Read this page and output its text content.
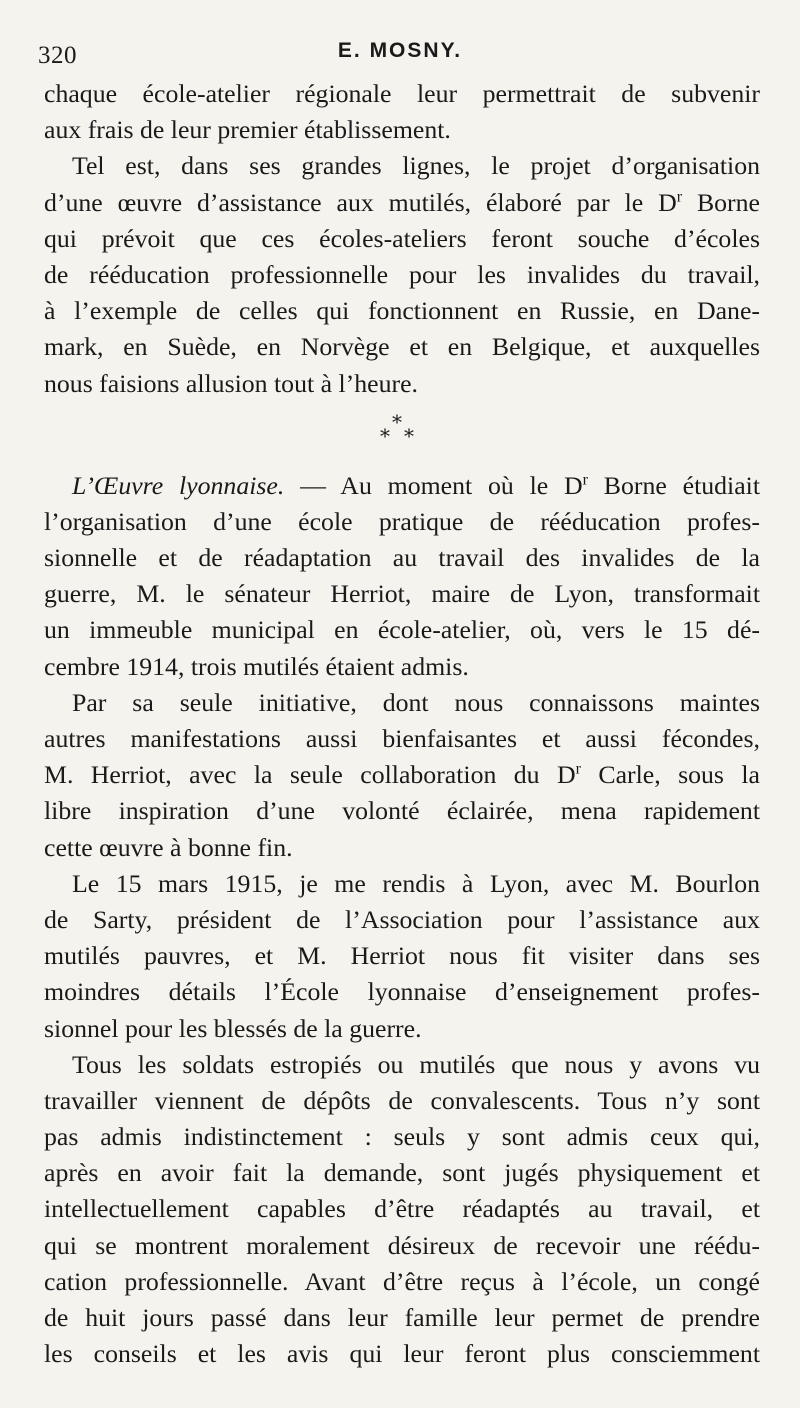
320	E. MOSNY.
chaque école-atelier régionale leur permettrait de subvenir
aux frais de leur premier établissement.
Tel est, dans ses grandes lignes, le projet d’organisation
d’une œuvre d’assistance aux mutilés, élaboré par le $D^r$ Borne
qui prévoit que ces écoles-ateliers feront souche d’écoles
de rééducation professionnelle pour les invalides du travail,
à l’exemple de celles qui fonctionnent en Russie, en Dane-
mark, en Suède, en Norvège et en Belgique, et auxquelles
nous faisions allusion tout à l’heure.
*
* *
L’Œuvre lyonnaise. — Au moment où le $D^r$ Borne étudiait
l’organisation d’une école pratique de rééducation profes-
sionnelle et de réadaptation au travail des invalides de la
guerre, M. le sénateur Herriot, maire de Lyon, transformait
un immeuble municipal en école-atelier, où, vers le 15 dé-
cembre 1914, trois mutilés étaient admis.
Par sa seule initiative, dont nous connaissons maintes
autres manifestations aussi bienfaisantes et aussi fécondes,
M. Herriot, avec la seule collaboration du $D^r$ Carle, sous la
libre inspiration d’une volonté éclairée, mena rapidement
cette œuvre à bonne fin.
Le 15 mars 1915, je me rendis à Lyon, avec M. Bourlon
de Sarty, président de l’Association pour l’assistance aux
mutilés pauvres, et M. Herriot nous fit visiter dans ses
moindres détails l’École lyonnaise d’enseignement profes-
sionnel pour les blessés de la guerre.
Tous les soldats estropiés ou mutilés que nous y avons vu
travailler viennent de dépôts de convalescents. Tous n’y sont
pas admis indistinctement : seuls y sont admis ceux qui,
après en avoir fait la demande, sont jugés physiquement et
intellectuellement capables d’être réadaptés au travail, et
qui se montrent moralement désireux de recevoir une réédu-
cation professionnelle. Avant d’être reçus à l’école, un congé
de huit jours passé dans leur famille leur permet de prendre
les conseils et les avis qui leur feront plus consciemment
